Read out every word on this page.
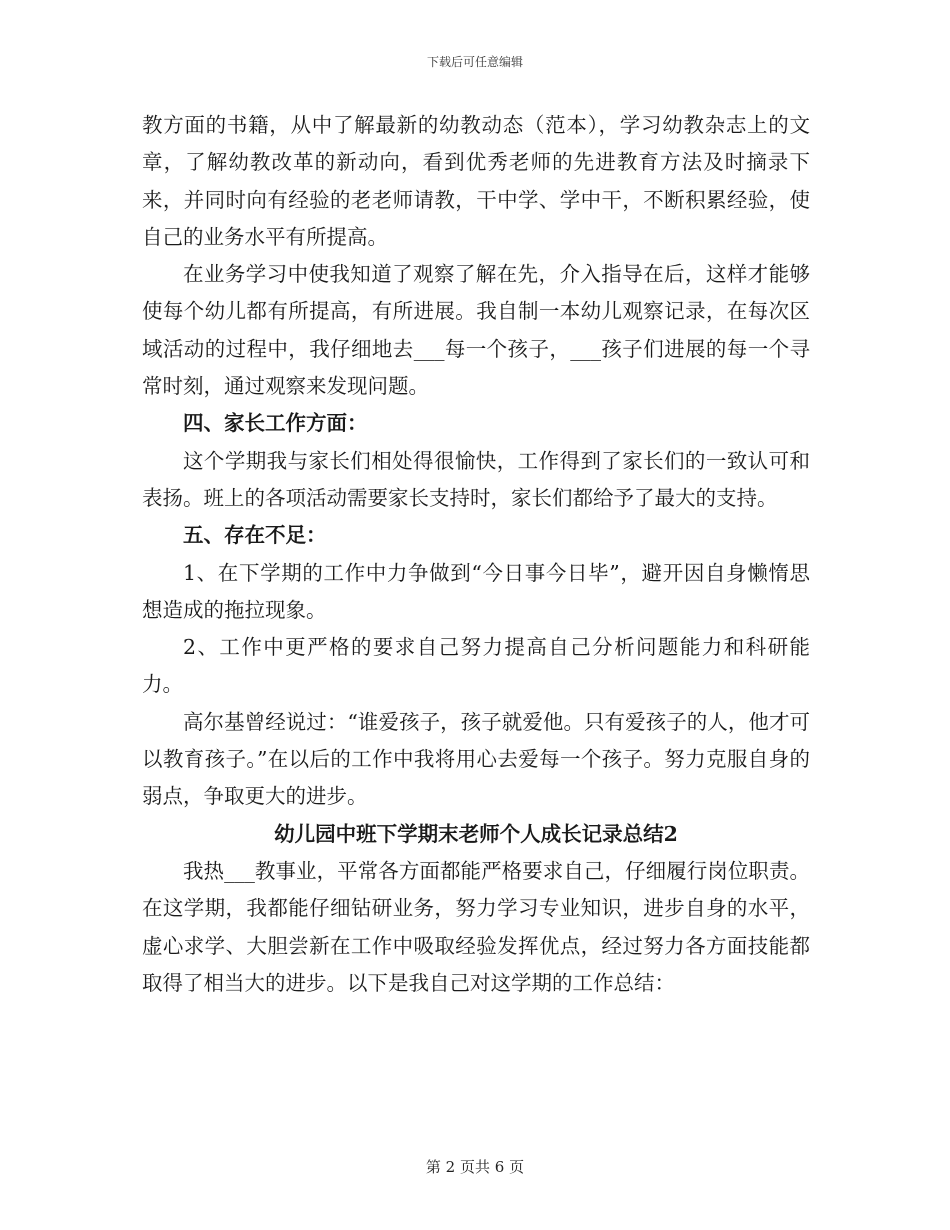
下载后可任意编辑

教方面的书籍，从中了解最新的幼教动态（范本），学习幼教杂志上的文章，了解幼教改革的新动向，看到优秀老师的先进教育方法及时摘录下来，并同时向有经验的老老师请教，干中学、学中干，不断积累经验，使自己的业务水平有所提高。

在业务学习中使我知道了观察了解在先，介入指导在后，这样才能够使每个幼儿都有所提高，有所进展。我自制一本幼儿观察记录，在每次区域活动的过程中，我仔细地去___每一个孩子，___孩子们进展的每一个寻常时刻，通过观察来发现问题。

四、家长工作方面：

这个学期我与家长们相处得很愉快，工作得到了家长们的一致认可和表扬。班上的各项活动需要家长支持时，家长们都给予了最大的支持。

五、存在不足：

1、在下学期的工作中力争做到“今日事今日毕”，避开因自身懒惰思想造成的拖拉现象。

2、工作中更严格的要求自己努力提高自己分析问题能力和科研能力。

高尔基曾经说过：“谁爱孩子，孩子就爱他。只有爱孩子的人，他才可以教育孩子。”在以后的工作中我将用心去爱每一个孩子。努力克服自身的弱点，争取更大的进步。

幼儿园中班下学期末老师个人成长记录总结2

我热___教事业，平常各方面都能严格要求自己，仔细履行岗位职责。在这学期，我都能仔细钻研业务，努力学习专业知识，进步自身的水平，虚心求学、大胆尝新在工作中吸取经验发挥优点，经过努力各方面技能都取得了相当大的进步。以下是我自己对这学期的工作总结：

第 2 页共 6 页
